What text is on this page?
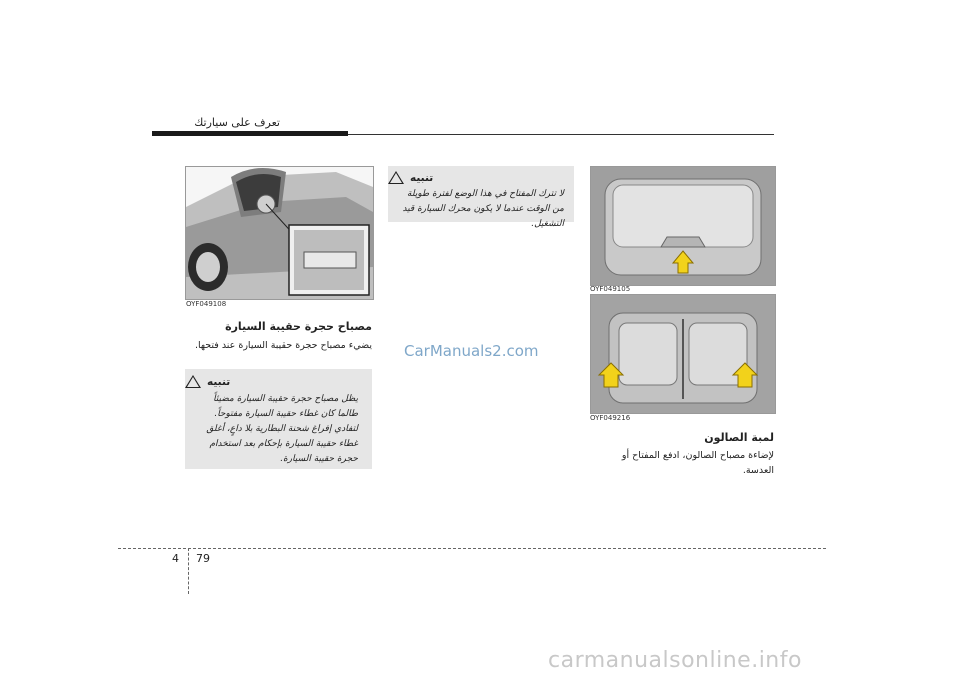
تعرف على سيارتك
OYF049108
مصباح حجرة حقيبة السيارة
يضيء مصباح حجرة حقيبة السيارة عند فتحها.
تنبيه
!
يظل مصباح حجرة حقيبة السيارة مضيئاً طالما كان غطاء حقيبة السيارة مفتوحاً. لتفادي إفراغ شحنة البطارية بلا داعٍ، أغلق غطاء حقيبة السيارة بإحكام بعد استخدام حجرة حقيبة السيارة.
تنبيه
!
لا تترك المفتاح في هذا الوضع لفترة طويلة من الوقت عندما لا يكون محرك السيارة قيد التشغيل.
OYF049105
OYF049216
لمبة الصالون
لإضاءة مصباح الصالون، ادفع المفتاح أو العدسة.
CarManuals2.com
4 79
carmanualsonline.info
